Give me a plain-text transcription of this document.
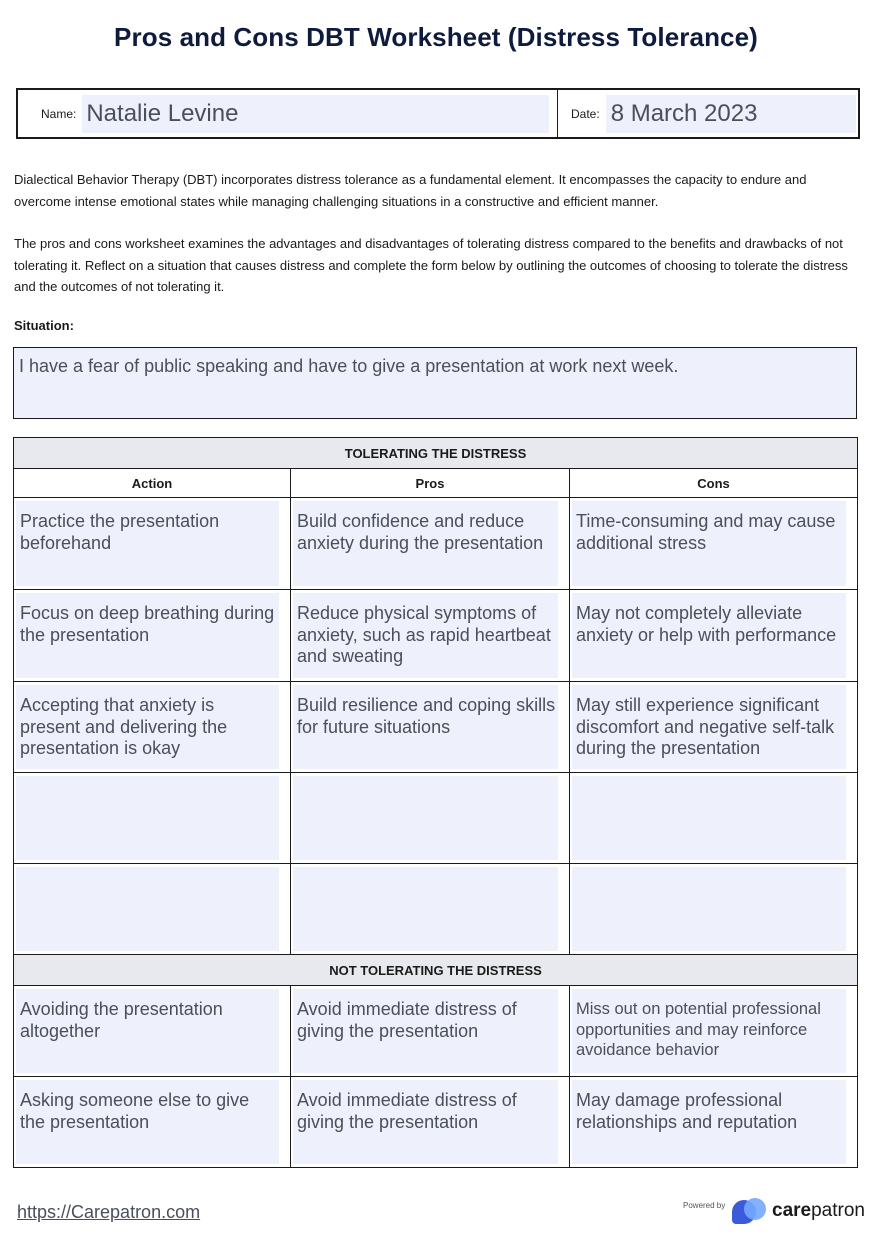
Pros and Cons DBT Worksheet (Distress Tolerance)
Name: Natalie Levine	Date: 8 March 2023

Dialectical Behavior Therapy (DBT) incorporates distress tolerance as a fundamental element. It encompasses the capacity to endure and overcome intense emotional states while managing challenging situations in a constructive and efficient manner.

The pros and cons worksheet examines the advantages and disadvantages of tolerating distress compared to the benefits and drawbacks of not tolerating it. Reflect on a situation that causes distress and complete the form below by outlining the outcomes of choosing to tolerate the distress and the outcomes of not tolerating it.

Situation:
I have a fear of public speaking and have to give a presentation at work next week.
TOLERATING THE DISTRESS		
Action	Pros	Cons

Practice the presentation beforehand	Build confidence and reduce anxiety during the presentation	Time-consuming and may cause additional stress

Focus on deep breathing during the presentation	Reduce physical symptoms of anxiety, such as rapid heartbeat and sweating	May not completely alleviate anxiety or help with performance

Accepting that anxiety is present and delivering the presentation is okay	Build resilience and coping skills for future situations	May still experience significant discomfort and negative self-talk during the presentation

NOT TOLERATING THE DISTRESS		

Avoiding the presentation altogether	Avoid immediate distress of giving the presentation	Miss out on potential professional opportunities and may reinforce avoidance behavior

Asking someone else to give the presentation	Avoid immediate distress of giving the presentation	May damage professional relationships and reputation
https://Carepatron.com	Powered by carepatron
